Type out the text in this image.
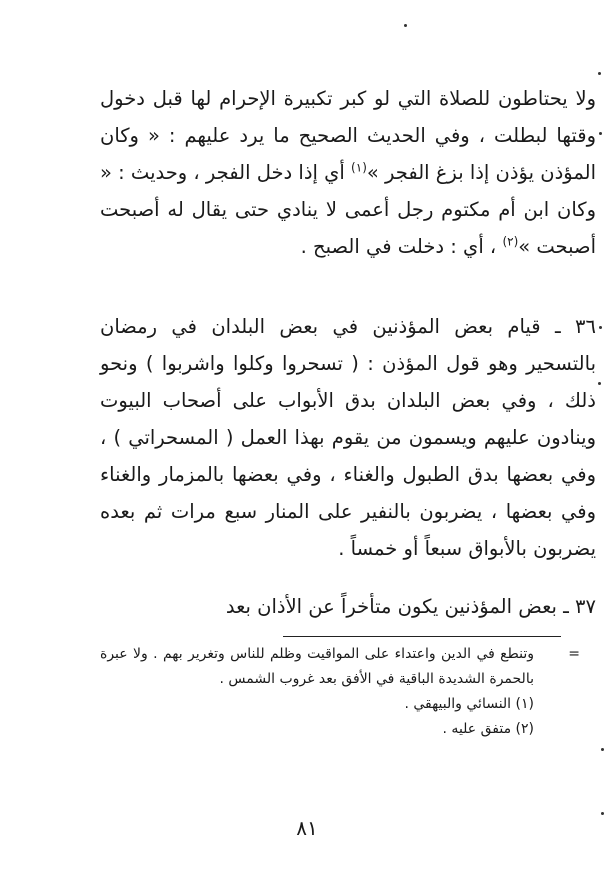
ولا يحتاطون للصلاة التي لو كبر تكبيرة الإحرام لها قبل دخول وقتها لبطلت ، وفي الحديث الصحيح ما يرد عليهم : « وكان المؤذن يؤذن إذا بزغ الفجر »$^{(١)}$ أي إذا دخل الفجر ، وحديث : « وكان ابن أم مكتوم رجل أعمى لا ينادي حتى يقال له أصبحت أصبحت »$^{(٢)}$ ، أي : دخلت في الصبح .

٣٦ ـ قيام بعض المؤذنين في بعض البلدان في رمضان بالتسحير وهو قول المؤذن : ( تسحروا وكلوا واشربوا ) ونحو ذلك ، وفي بعض البلدان بدق الأبواب على أصحاب البيوت وينادون عليهم ويسمون من يقوم بهذا العمل ( المسحراتي ) ، وفي بعضها بدق الطبول والغناء ، وفي بعضها بالمزمار والغناء وفي بعضها ، يضربون بالنفير على المنار سبع مرات ثم بعده يضربون بالأبواق سبعاً أو خمساً .

٣٧ ـ بعض المؤذنين يكون متأخراً عن الأذان بعد

=
وتنطع في الدين واعتداء على المواقيت وظلم للناس وتغرير بهم . ولا عبرة بالحمرة الشديدة الباقية في الأفق بعد غروب الشمس .
(١) النسائي والبيهقي .
(٢) متفق عليه .
٨١
